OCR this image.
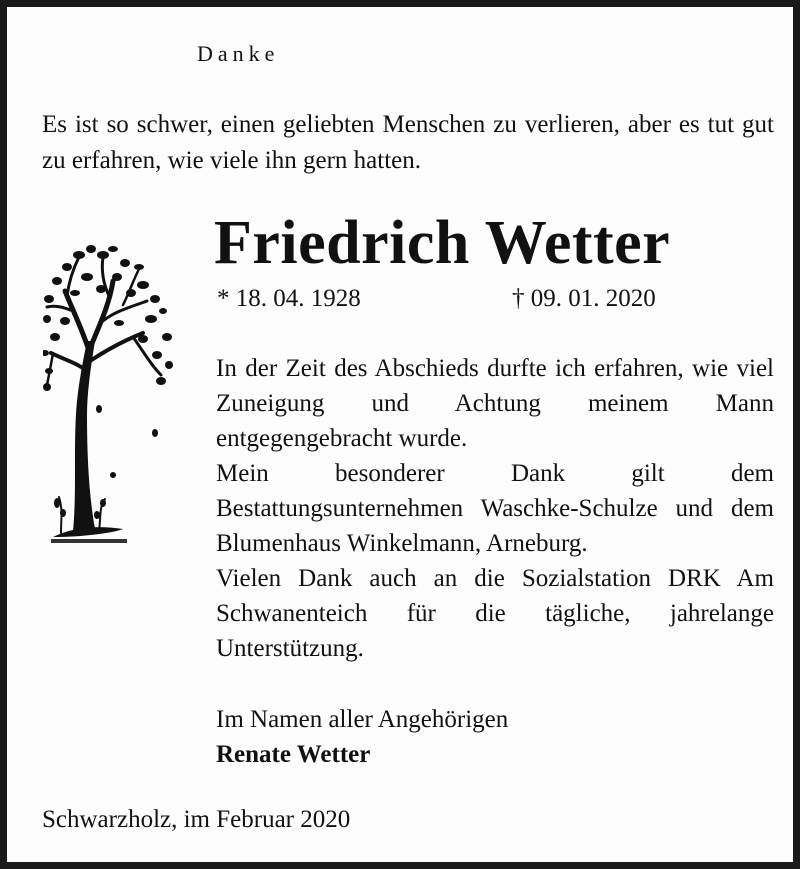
Danke
Es ist so schwer, einen geliebten Menschen zu verlieren, aber es tut gut zu erfahren, wie viele ihn gern hatten.
Friedrich Wetter
* 18. 04. 1928	† 09. 01. 2020

In der Zeit des Abschieds durfte ich erfahren, wie viel Zuneigung und Achtung meinem Mann entgegengebracht wurde.

Mein besonderer Dank gilt dem Bestattungsunternehmen Waschke-Schulze und dem Blumenhaus Winkelmann, Arneburg.

Vielen Dank auch an die Sozialstation DRK Am Schwanenteich für die tägliche, jahrelange Unterstützung.

Im Namen aller Angehörigen
Renate Wetter
Schwarzholz, im Februar 2020
